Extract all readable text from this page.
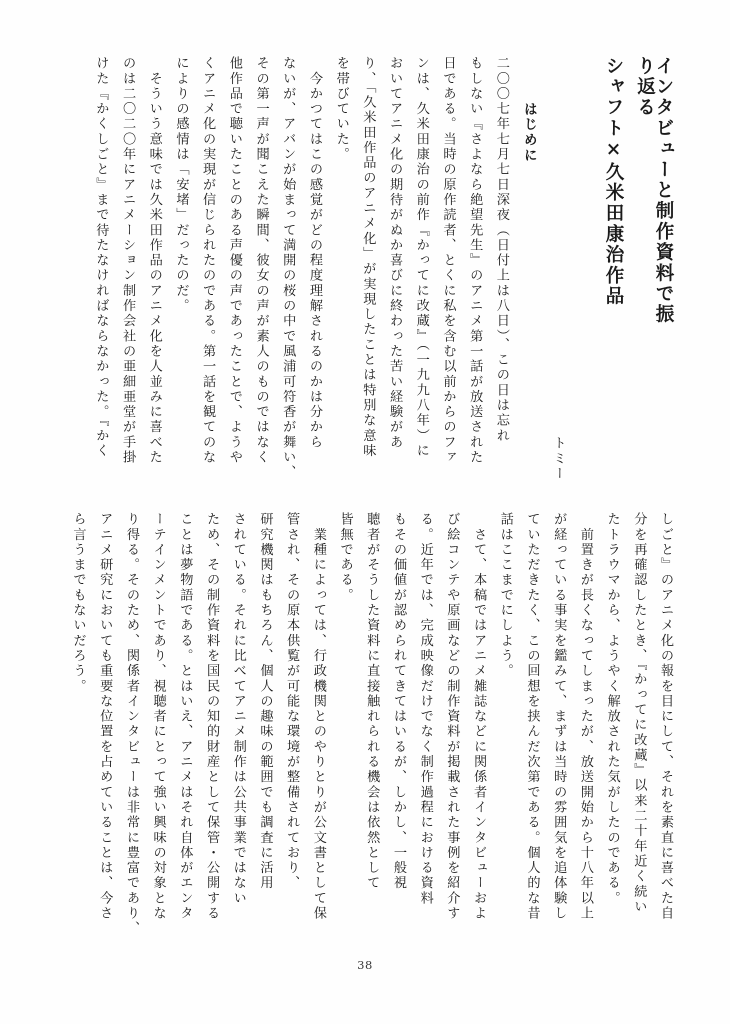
インタビューと制作資料で振り返る
シャフト×久米田康治作品
トミー
はじめに
二〇〇七年七月七日深夜（日付上は八日）、この日は忘れ
もしない『さよなら絶望先生』のアニメ第一話が放送された
日である。当時の原作読者、とくに私を含む以前からのファ
ンは、久米田康治の前作『かってに改蔵』（一九九八年）に
おいてアニメ化の期待がぬか喜びに終わった苦い経験があ
り、「久米田作品のアニメ化」が実現したことは特別な意味
を帯びていた。
　今かつてはこの感覚がどの程度理解されるのかは分から
ないが、アバンが始まって満開の桜の中で風浦可符香が舞い、
その第一声が聞こえた瞬間、彼女の声が素人のものではなく
他作品で聴いたことのある声優の声であったことで、ようや
くアニメ化の実現が信じられたのである。第一話を観てのな
によりの感情は「安堵」だったのだ。
　そういう意味では久米田作品のアニメ化を人並みに喜べた
のは二〇二〇年にアニメーション制作会社の亜細亜堂が手掛
けた『かくしごと』まで待たなければならなかった。『かく
しごと』のアニメ化の報を目にして、それを素直に喜べた自
分を再確認したとき、『かってに改蔵』以来二十年近く続い
たトラウマから、ようやく解放された気がしたのである。
　前置きが長くなってしまったが、放送開始から十八年以上
が経っている事実を鑑みて、まずは当時の雰囲気を追体験し
ていただきたく、この回想を挟んだ次第である。個人的な昔
話はここまでにしよう。
　さて、本稿ではアニメ雑誌などに関係者インタビューおよ
び絵コンテや原画などの制作資料が掲載された事例を紹介す
る。近年では、完成映像だけでなく制作過程における資料
もその価値が認められてきてはいるが、しかし、一般視
聴者がそうした資料に直接触れられる機会は依然として
皆無である。
　業種によっては、行政機関とのやりとりが公文書として保
管され、その原本供覧が可能な環境が整備されており、
研究機関はもちろん、個人の趣味の範囲でも調査に活用
されている。それに比べてアニメ制作は公共事業ではない
ため、その制作資料を国民の知的財産として保管・公開する
ことは夢物語である。とはいえ、アニメはそれ自体がエンタ
ーテインメントであり、視聴者にとって強い興味の対象とな
り得る。そのため、関係者インタビューは非常に豊富であり、
アニメ研究においても重要な位置を占めていることは、今さ
ら言うまでもないだろう。
38
